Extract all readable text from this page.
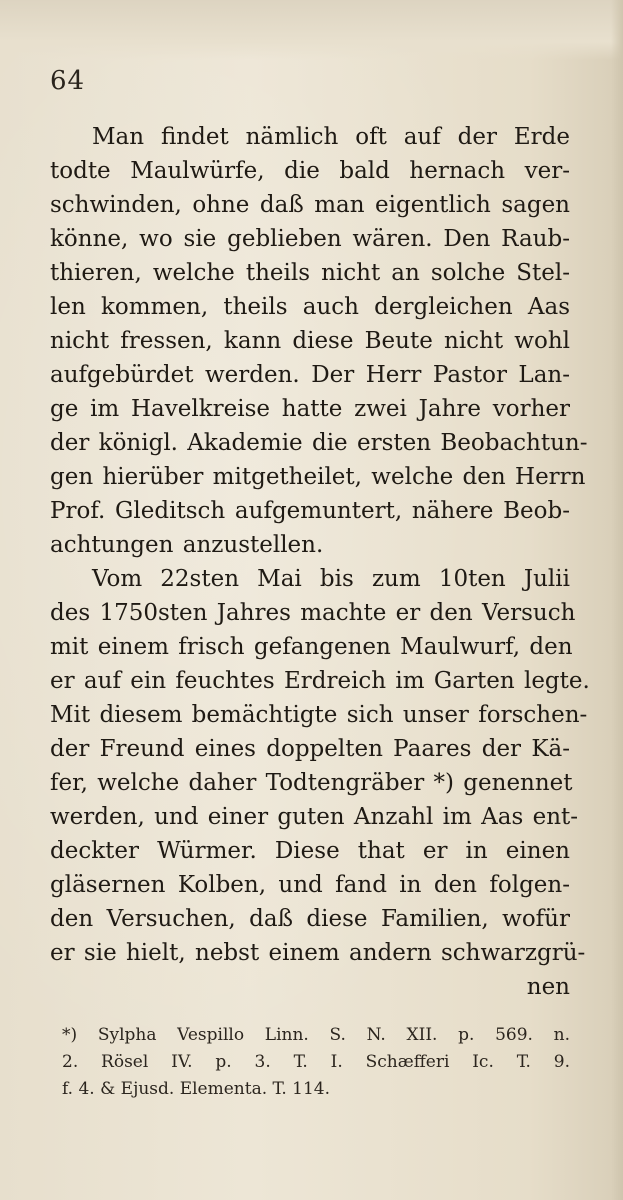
64
Man findet nämlich oft auf der Erde
todte Maulwürfe, die bald hernach ver-
schwinden, ohne daß man eigentlich sagen
könne, wo sie geblieben wären. Den Raub-
thieren, welche theils nicht an solche Stel-
len kommen, theils auch dergleichen Aas
nicht fressen, kann diese Beute nicht wohl
aufgebürdet werden. Der Herr Pastor Lan-
ge im Havelkreise hatte zwei Jahre vorher
der königl. Akademie die ersten Beobachtun-
gen hierüber mitgetheilet, welche den Herrn
Prof. Gleditsch aufgemuntert, nähere Beob-
achtungen anzustellen.
Vom 22sten Mai bis zum 10ten Julii
des 1750sten Jahres machte er den Versuch
mit einem frisch gefangenen Maulwurf, den
er auf ein feuchtes Erdreich im Garten legte.
Mit diesem bemächtigte sich unser forschen-
der Freund eines doppelten Paares der Kä-
fer, welche daher Todtengräber *) genennet
werden, und einer guten Anzahl im Aas ent-
deckter Würmer. Diese that er in einen
gläsernen Kolben, und fand in den folgen-
den Versuchen, daß diese Familien, wofür
er sie hielt, nebst einem andern schwarzgrü-
nen
*) Sylpha Vespillo Linn. S. N. XII. p. 569. n.
2. Rösel IV. p. 3. T. I. Schæfferi Ic. T. 9.
f. 4. & Ejusd. Elementa. T. 114.
